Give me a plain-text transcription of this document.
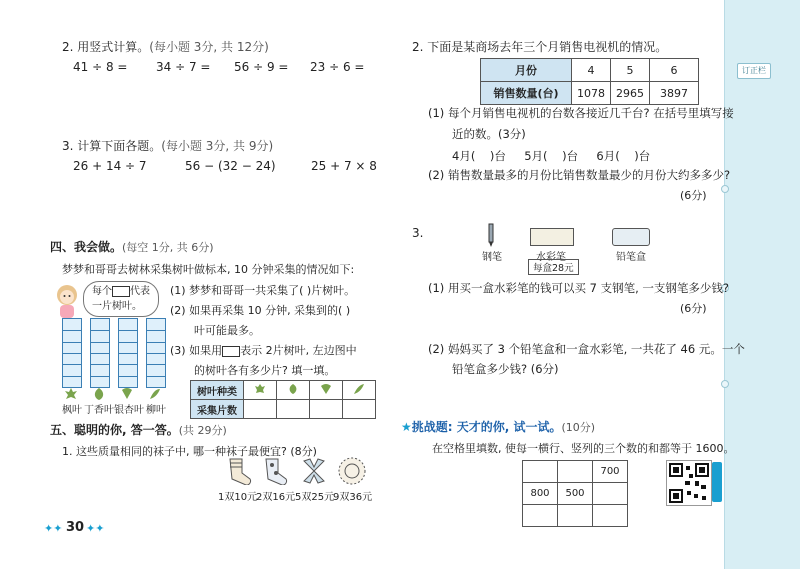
订正栏
2. 用竖式计算。(每小题 3分, 共 12分)
41 ÷ 8 = 34 ÷ 7 = 56 ÷ 9 = 23 ÷ 6 =
3. 计算下面各题。(每小题 3分, 共 9分)
26 + 14 ÷ 7	56 − (32 − 24)	25 + 7 × 8
四、我会做。(每空 1分, 共 6分)
梦梦和哥哥去树林采集树叶做标本, 10 分钟采集的情况如下:
每个 代表
一片树叶。
枫叶 丁香叶 银杏叶 柳叶
(1) 梦梦和哥哥一共采集了( )片树叶。
(2) 如果再采集 10 分钟, 采集到的( )
叶可能最多。
(3) 如果用 表示 2片树叶, 左边图中
的树叶各有多少片? 填一填。
树叶种类				
采集片数				
五、聪明的你, 答一答。(共 29分)
1. 这些质量相同的袜子中, 哪一种袜子最便宜? (8分)
1双10元
2双16元 5双25元
9双36元
✦✦ 30 ✦✦
2. 下面是某商场去年三个月销售电视机的情况。
月份	4	5	6
销售数量(台)	1078	2965	3897
(1) 每个月销售电视机的台数各接近几千台? 在括号里填写接
近的数。(3分)
4月(    )台     5月(    )台     6月(    )台
(2) 销售数量最多的月份比销售数量最少的月份大约多多少?
(6分)
3.
钢笔	水彩笔
每盒28元
铅笔盒
(1) 用买一盒水彩笔的钱可以买 7 支钢笔, 一支钢笔多少钱?
(6分)
(2) 妈妈买了 3 个铅笔盒和一盒水彩笔, 一共花了 46 元。一个
铅笔盒多少钱? (6分)
★挑战题: 天才的你, 试一试。(10分)
在空格里填数, 使每一横行、竖列的三个数的和都等于 1600。
		700
800	500	
